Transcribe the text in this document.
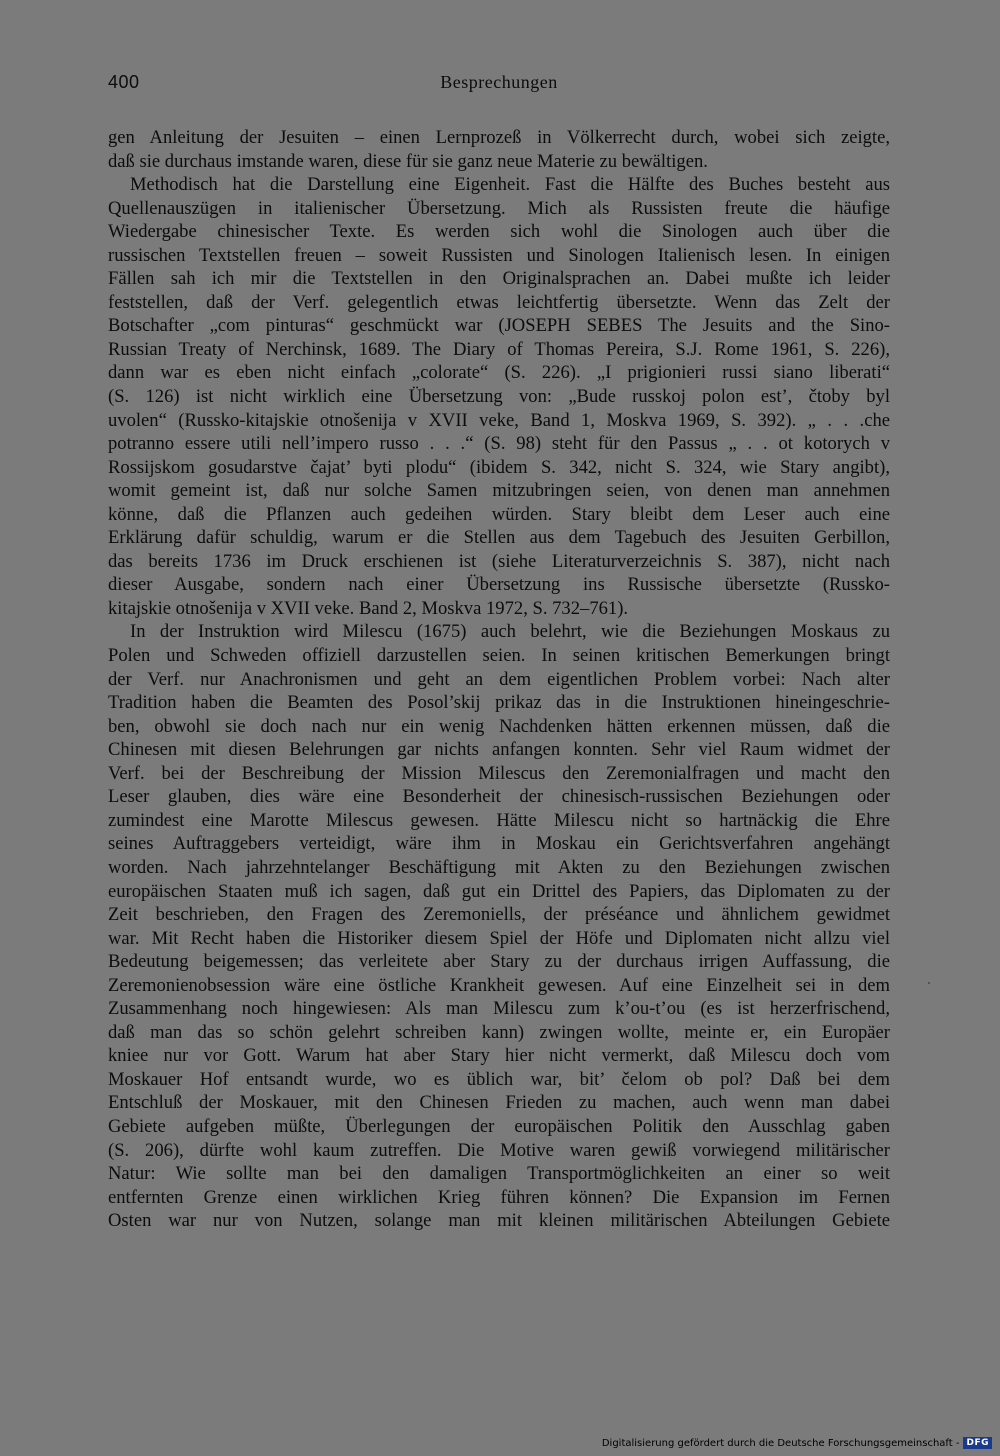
400	Besprechungen
gen Anleitung der Jesuiten – einen Lernprozeß in Völkerrecht durch, wobei sich zeigte,
daß sie durchaus imstande waren, diese für sie ganz neue Materie zu bewältigen.
Methodisch hat die Darstellung eine Eigenheit. Fast die Hälfte des Buches besteht aus
Quellenauszügen in italienischer Übersetzung. Mich als Russisten freute die häufige
Wiedergabe chinesischer Texte. Es werden sich wohl die Sinologen auch über die
russischen Textstellen freuen – soweit Russisten und Sinologen Italienisch lesen. In einigen
Fällen sah ich mir die Textstellen in den Originalsprachen an. Dabei mußte ich leider
feststellen, daß der Verf. gelegentlich etwas leichtfertig übersetzte. Wenn das Zelt der
Botschafter „com pinturas“ geschmückt war (JOSEPH SEBES The Jesuits and the Sino-
Russian Treaty of Nerchinsk, 1689. The Diary of Thomas Pereira, S.J. Rome 1961, S. 226),
dann war es eben nicht einfach „colorate“ (S. 226). „I prigionieri russi siano liberati“
(S. 126) ist nicht wirklich eine Übersetzung von: „Bude russkoj polon est’, čtoby byl
uvolen“ (Russko-kitajskie otnošenija v XVII veke, Band 1, Moskva 1969, S. 392). „ . . .che
potranno essere utili nell’impero russo . . .“ (S. 98) steht für den Passus „ . . ot kotorych v
Rossijskom gosudarstve čajat’ byti plodu“ (ibidem S. 342, nicht S. 324, wie Stary angibt),
womit gemeint ist, daß nur solche Samen mitzubringen seien, von denen man annehmen
könne, daß die Pflanzen auch gedeihen würden. Stary bleibt dem Leser auch eine
Erklärung dafür schuldig, warum er die Stellen aus dem Tagebuch des Jesuiten Gerbillon,
das bereits 1736 im Druck erschienen ist (siehe Literaturverzeichnis S. 387), nicht nach
dieser Ausgabe, sondern nach einer Übersetzung ins Russische übersetzte (Russko-
kitajskie otnošenija v XVII veke. Band 2, Moskva 1972, S. 732–761).
In der Instruktion wird Milescu (1675) auch belehrt, wie die Beziehungen Moskaus zu
Polen und Schweden offiziell darzustellen seien. In seinen kritischen Bemerkungen bringt
der Verf. nur Anachronismen und geht an dem eigentlichen Problem vorbei: Nach alter
Tradition haben die Beamten des Posol’skij prikaz das in die Instruktionen hineingeschrie-
ben, obwohl sie doch nach nur ein wenig Nachdenken hätten erkennen müssen, daß die
Chinesen mit diesen Belehrungen gar nichts anfangen konnten. Sehr viel Raum widmet der
Verf. bei der Beschreibung der Mission Milescus den Zeremonialfragen und macht den
Leser glauben, dies wäre eine Besonderheit der chinesisch-russischen Beziehungen oder
zumindest eine Marotte Milescus gewesen. Hätte Milescu nicht so hartnäckig die Ehre
seines Auftraggebers verteidigt, wäre ihm in Moskau ein Gerichtsverfahren angehängt
worden. Nach jahrzehntelanger Beschäftigung mit Akten zu den Beziehungen zwischen
europäischen Staaten muß ich sagen, daß gut ein Drittel des Papiers, das Diplomaten zu der
Zeit beschrieben, den Fragen des Zeremoniells, der préséance und ähnlichem gewidmet
war. Mit Recht haben die Historiker diesem Spiel der Höfe und Diplomaten nicht allzu viel
Bedeutung beigemessen; das verleitete aber Stary zu der durchaus irrigen Auffassung, die
Zeremonienobsession wäre eine östliche Krankheit gewesen. Auf eine Einzelheit sei in dem
Zusammenhang noch hingewiesen: Als man Milescu zum k’ou-t’ou (es ist herzerfrischend,
daß man das so schön gelehrt schreiben kann) zwingen wollte, meinte er, ein Europäer
kniee nur vor Gott. Warum hat aber Stary hier nicht vermerkt, daß Milescu doch vom
Moskauer Hof entsandt wurde, wo es üblich war, bit’ čelom ob pol? Daß bei dem
Entschluß der Moskauer, mit den Chinesen Frieden zu machen, auch wenn man dabei
Gebiete aufgeben müßte, Überlegungen der europäischen Politik den Ausschlag gaben
(S. 206), dürfte wohl kaum zutreffen. Die Motive waren gewiß vorwiegend militärischer
Natur: Wie sollte man bei den damaligen Transportmöglichkeiten an einer so weit
entfernten Grenze einen wirklichen Krieg führen können? Die Expansion im Fernen
Osten war nur von Nutzen, solange man mit kleinen militärischen Abteilungen Gebiete
Digitalisierung gefördert durch die Deutsche Forschungsgemeinschaft - DFG
